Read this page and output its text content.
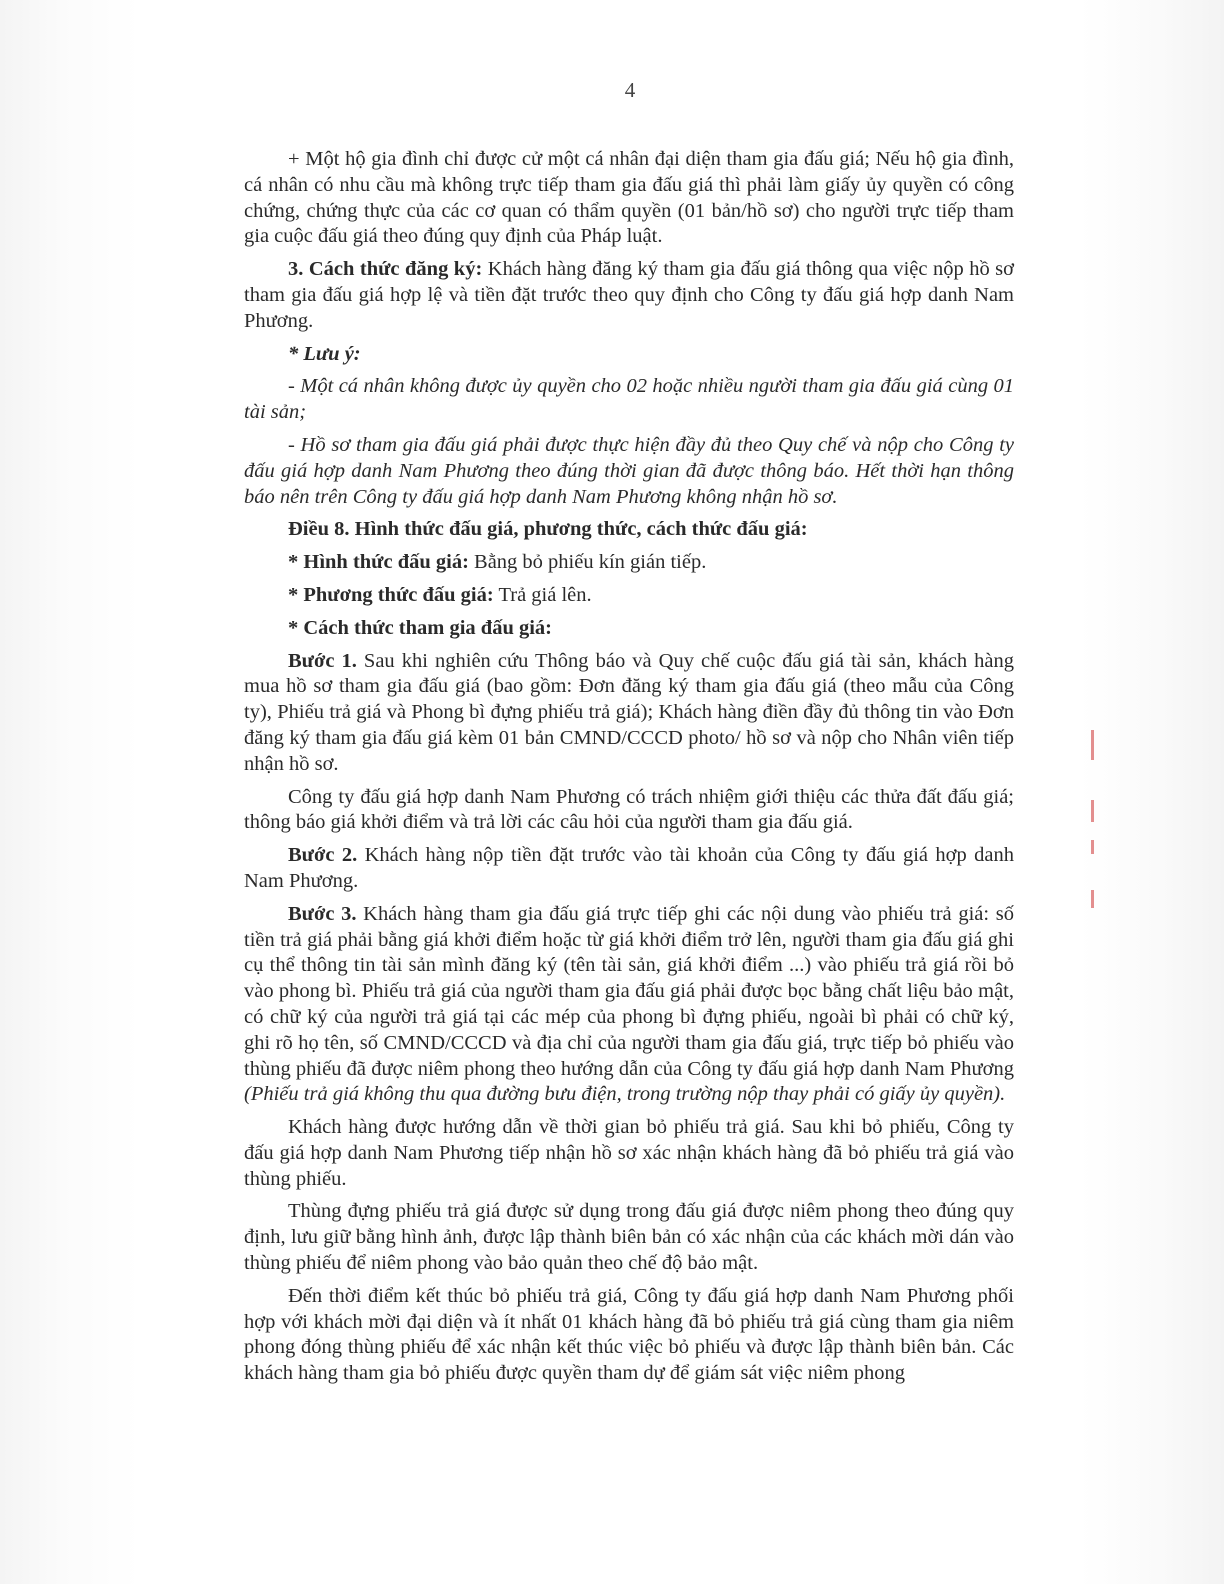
4

+ Một hộ gia đình chỉ được cử một cá nhân đại diện tham gia đấu giá; Nếu hộ gia đình, cá nhân có nhu cầu mà không trực tiếp tham gia đấu giá thì phải làm giấy ủy quyền có công chứng, chứng thực của các cơ quan có thẩm quyền (01 bản/hồ sơ) cho người trực tiếp tham gia cuộc đấu giá theo đúng quy định của Pháp luật.

3. Cách thức đăng ký: Khách hàng đăng ký tham gia đấu giá thông qua việc nộp hồ sơ tham gia đấu giá hợp lệ và tiền đặt trước theo quy định cho Công ty đấu giá hợp danh Nam Phương.

* Lưu ý:

- Một cá nhân không được ủy quyền cho 02 hoặc nhiều người tham gia đấu giá cùng 01 tài sản;

- Hồ sơ tham gia đấu giá phải được thực hiện đầy đủ theo Quy chế và nộp cho Công ty đấu giá hợp danh Nam Phương theo đúng thời gian đã được thông báo. Hết thời hạn thông báo nên trên Công ty đấu giá hợp danh Nam Phương không nhận hồ sơ.

Điều 8. Hình thức đấu giá, phương thức, cách thức đấu giá:

* Hình thức đấu giá: Bằng bỏ phiếu kín gián tiếp.

* Phương thức đấu giá: Trả giá lên.

* Cách thức tham gia đấu giá:

Bước 1. Sau khi nghiên cứu Thông báo và Quy chế cuộc đấu giá tài sản, khách hàng mua hồ sơ tham gia đấu giá (bao gồm: Đơn đăng ký tham gia đấu giá (theo mẫu của Công ty), Phiếu trả giá và Phong bì đựng phiếu trả giá); Khách hàng điền đầy đủ thông tin vào Đơn đăng ký tham gia đấu giá kèm 01 bản CMND/CCCD photo/ hồ sơ và nộp cho Nhân viên tiếp nhận hồ sơ.

Công ty đấu giá hợp danh Nam Phương có trách nhiệm giới thiệu các thửa đất đấu giá; thông báo giá khởi điểm và trả lời các câu hỏi của người tham gia đấu giá.

Bước 2. Khách hàng nộp tiền đặt trước vào tài khoản của Công ty đấu giá hợp danh Nam Phương.

Bước 3. Khách hàng tham gia đấu giá trực tiếp ghi các nội dung vào phiếu trả giá: số tiền trả giá phải bằng giá khởi điểm hoặc từ giá khởi điểm trở lên, người tham gia đấu giá ghi cụ thể thông tin tài sản mình đăng ký (tên tài sản, giá khởi điểm ...) vào phiếu trả giá rồi bỏ vào phong bì. Phiếu trả giá của người tham gia đấu giá phải được bọc bằng chất liệu bảo mật, có chữ ký của người trả giá tại các mép của phong bì đựng phiếu, ngoài bì phải có chữ ký, ghi rõ họ tên, số CMND/CCCD và địa chỉ của người tham gia đấu giá, trực tiếp bỏ phiếu vào thùng phiếu đã được niêm phong theo hướng dẫn của Công ty đấu giá hợp danh Nam Phương (Phiếu trả giá không thu qua đường bưu điện, trong trường nộp thay phải có giấy ủy quyền).

Khách hàng được hướng dẫn về thời gian bỏ phiếu trả giá. Sau khi bỏ phiếu, Công ty đấu giá hợp danh Nam Phương tiếp nhận hồ sơ xác nhận khách hàng đã bỏ phiếu trả giá vào thùng phiếu.

Thùng đựng phiếu trả giá được sử dụng trong đấu giá được niêm phong theo đúng quy định, lưu giữ bằng hình ảnh, được lập thành biên bản có xác nhận của các khách mời dán vào thùng phiếu để niêm phong vào bảo quản theo chế độ bảo mật.

Đến thời điểm kết thúc bỏ phiếu trả giá, Công ty đấu giá hợp danh Nam Phương phối hợp với khách mời đại diện và ít nhất 01 khách hàng đã bỏ phiếu trả giá cùng tham gia niêm phong đóng thùng phiếu để xác nhận kết thúc việc bỏ phiếu và được lập thành biên bản. Các khách hàng tham gia bỏ phiếu được quyền tham dự để giám sát việc niêm phong
